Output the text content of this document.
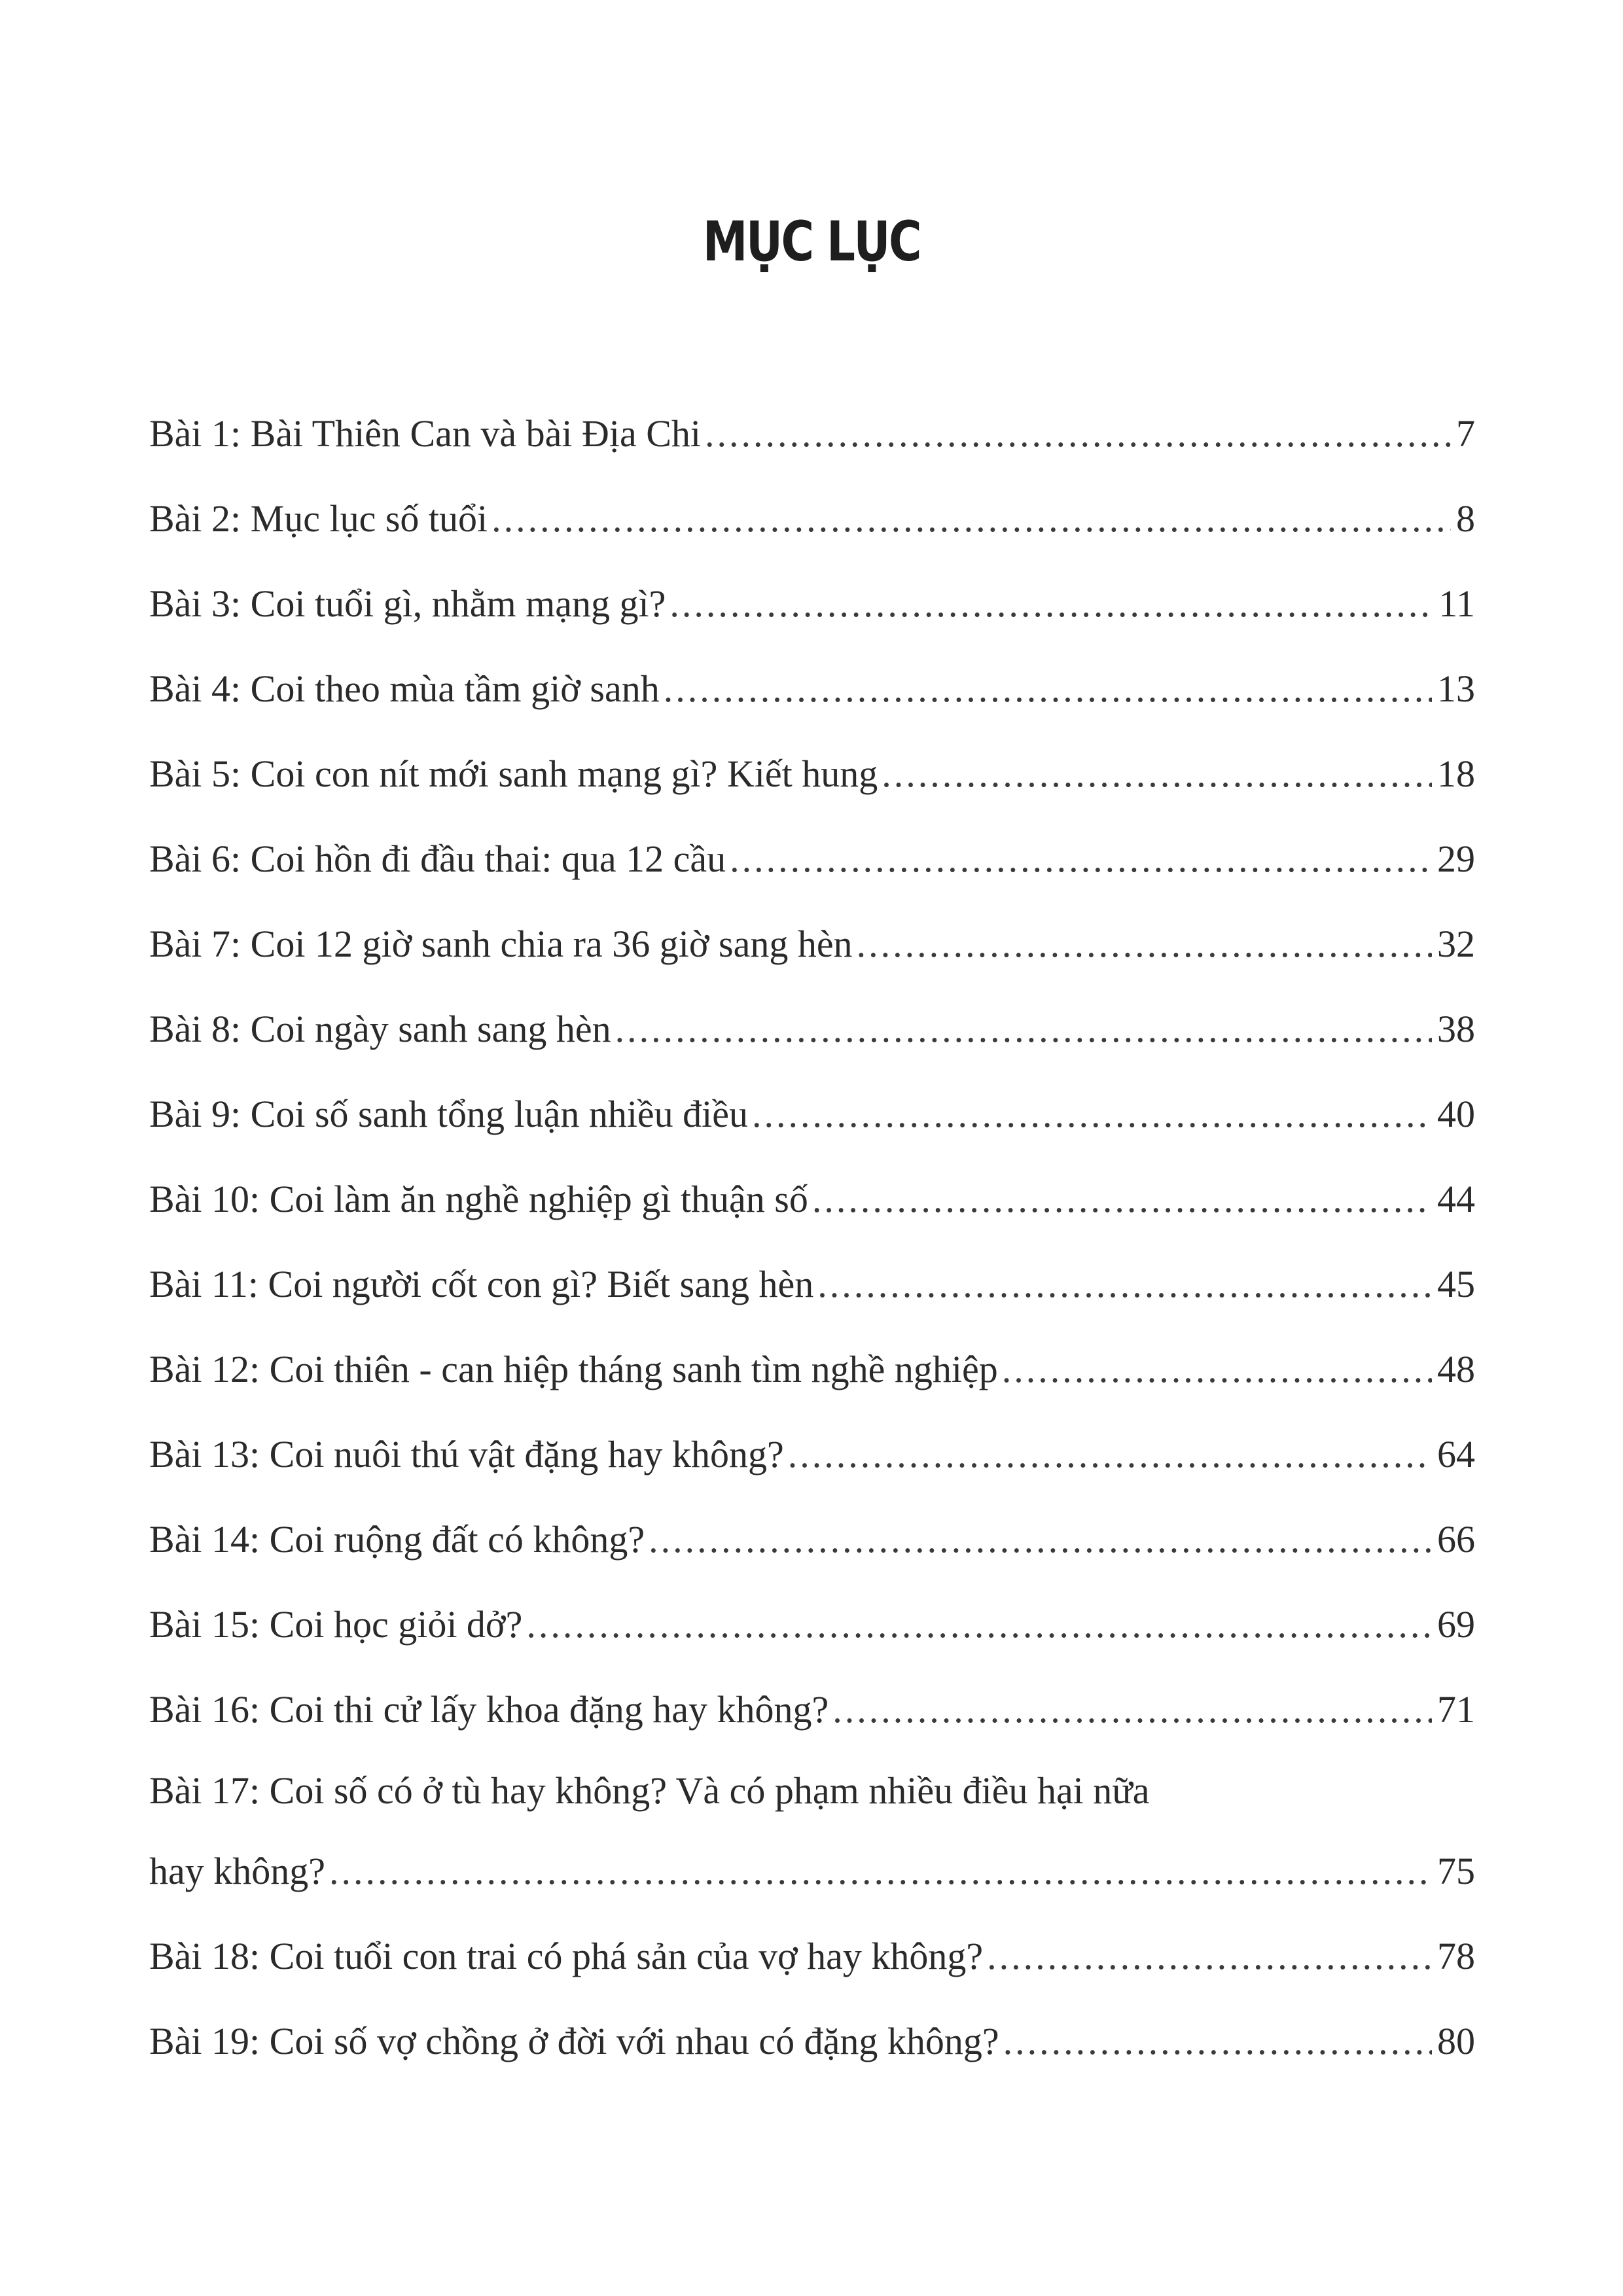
MỤC LỤC
Bài 1: Bài Thiên Can và bài Địa Chi .....	7
Bài 2: Mục lục số tuổi .....	8
Bài 3: Coi tuổi gì, nhằm mạng gì? .....	11
Bài 4: Coi theo mùa tầm giờ sanh .....	13
Bài 5: Coi con nít mới sanh mạng gì? Kiết hung .....	18
Bài 6: Coi hồn đi đầu thai: qua 12 cầu .....	29
Bài 7: Coi 12 giờ sanh chia ra 36 giờ sang hèn .....	32
Bài 8: Coi ngày sanh sang hèn .....	38
Bài 9: Coi số sanh tổng luận nhiều điều .....	40
Bài 10: Coi làm ăn nghề nghiệp gì thuận số .....	44
Bài 11: Coi người cốt con gì? Biết sang hèn .....	45
Bài 12: Coi thiên - can hiệp tháng sanh tìm nghề nghiệp .....	48
Bài 13: Coi nuôi thú vật đặng hay không? .....	64
Bài 14: Coi ruộng đất có không? .....	66
Bài 15: Coi học giỏi dở? .....	69
Bài 16: Coi thi cử lấy khoa đặng hay không? .....	71
Bài 17: Coi số có ở tù hay không? Và có phạm nhiều điều hại nữa
hay không? .....	75
Bài 18: Coi tuổi con trai có phá sản của vợ hay không? .....	78
Bài 19: Coi số vợ chồng ở đời với nhau có đặng không? .....	80
